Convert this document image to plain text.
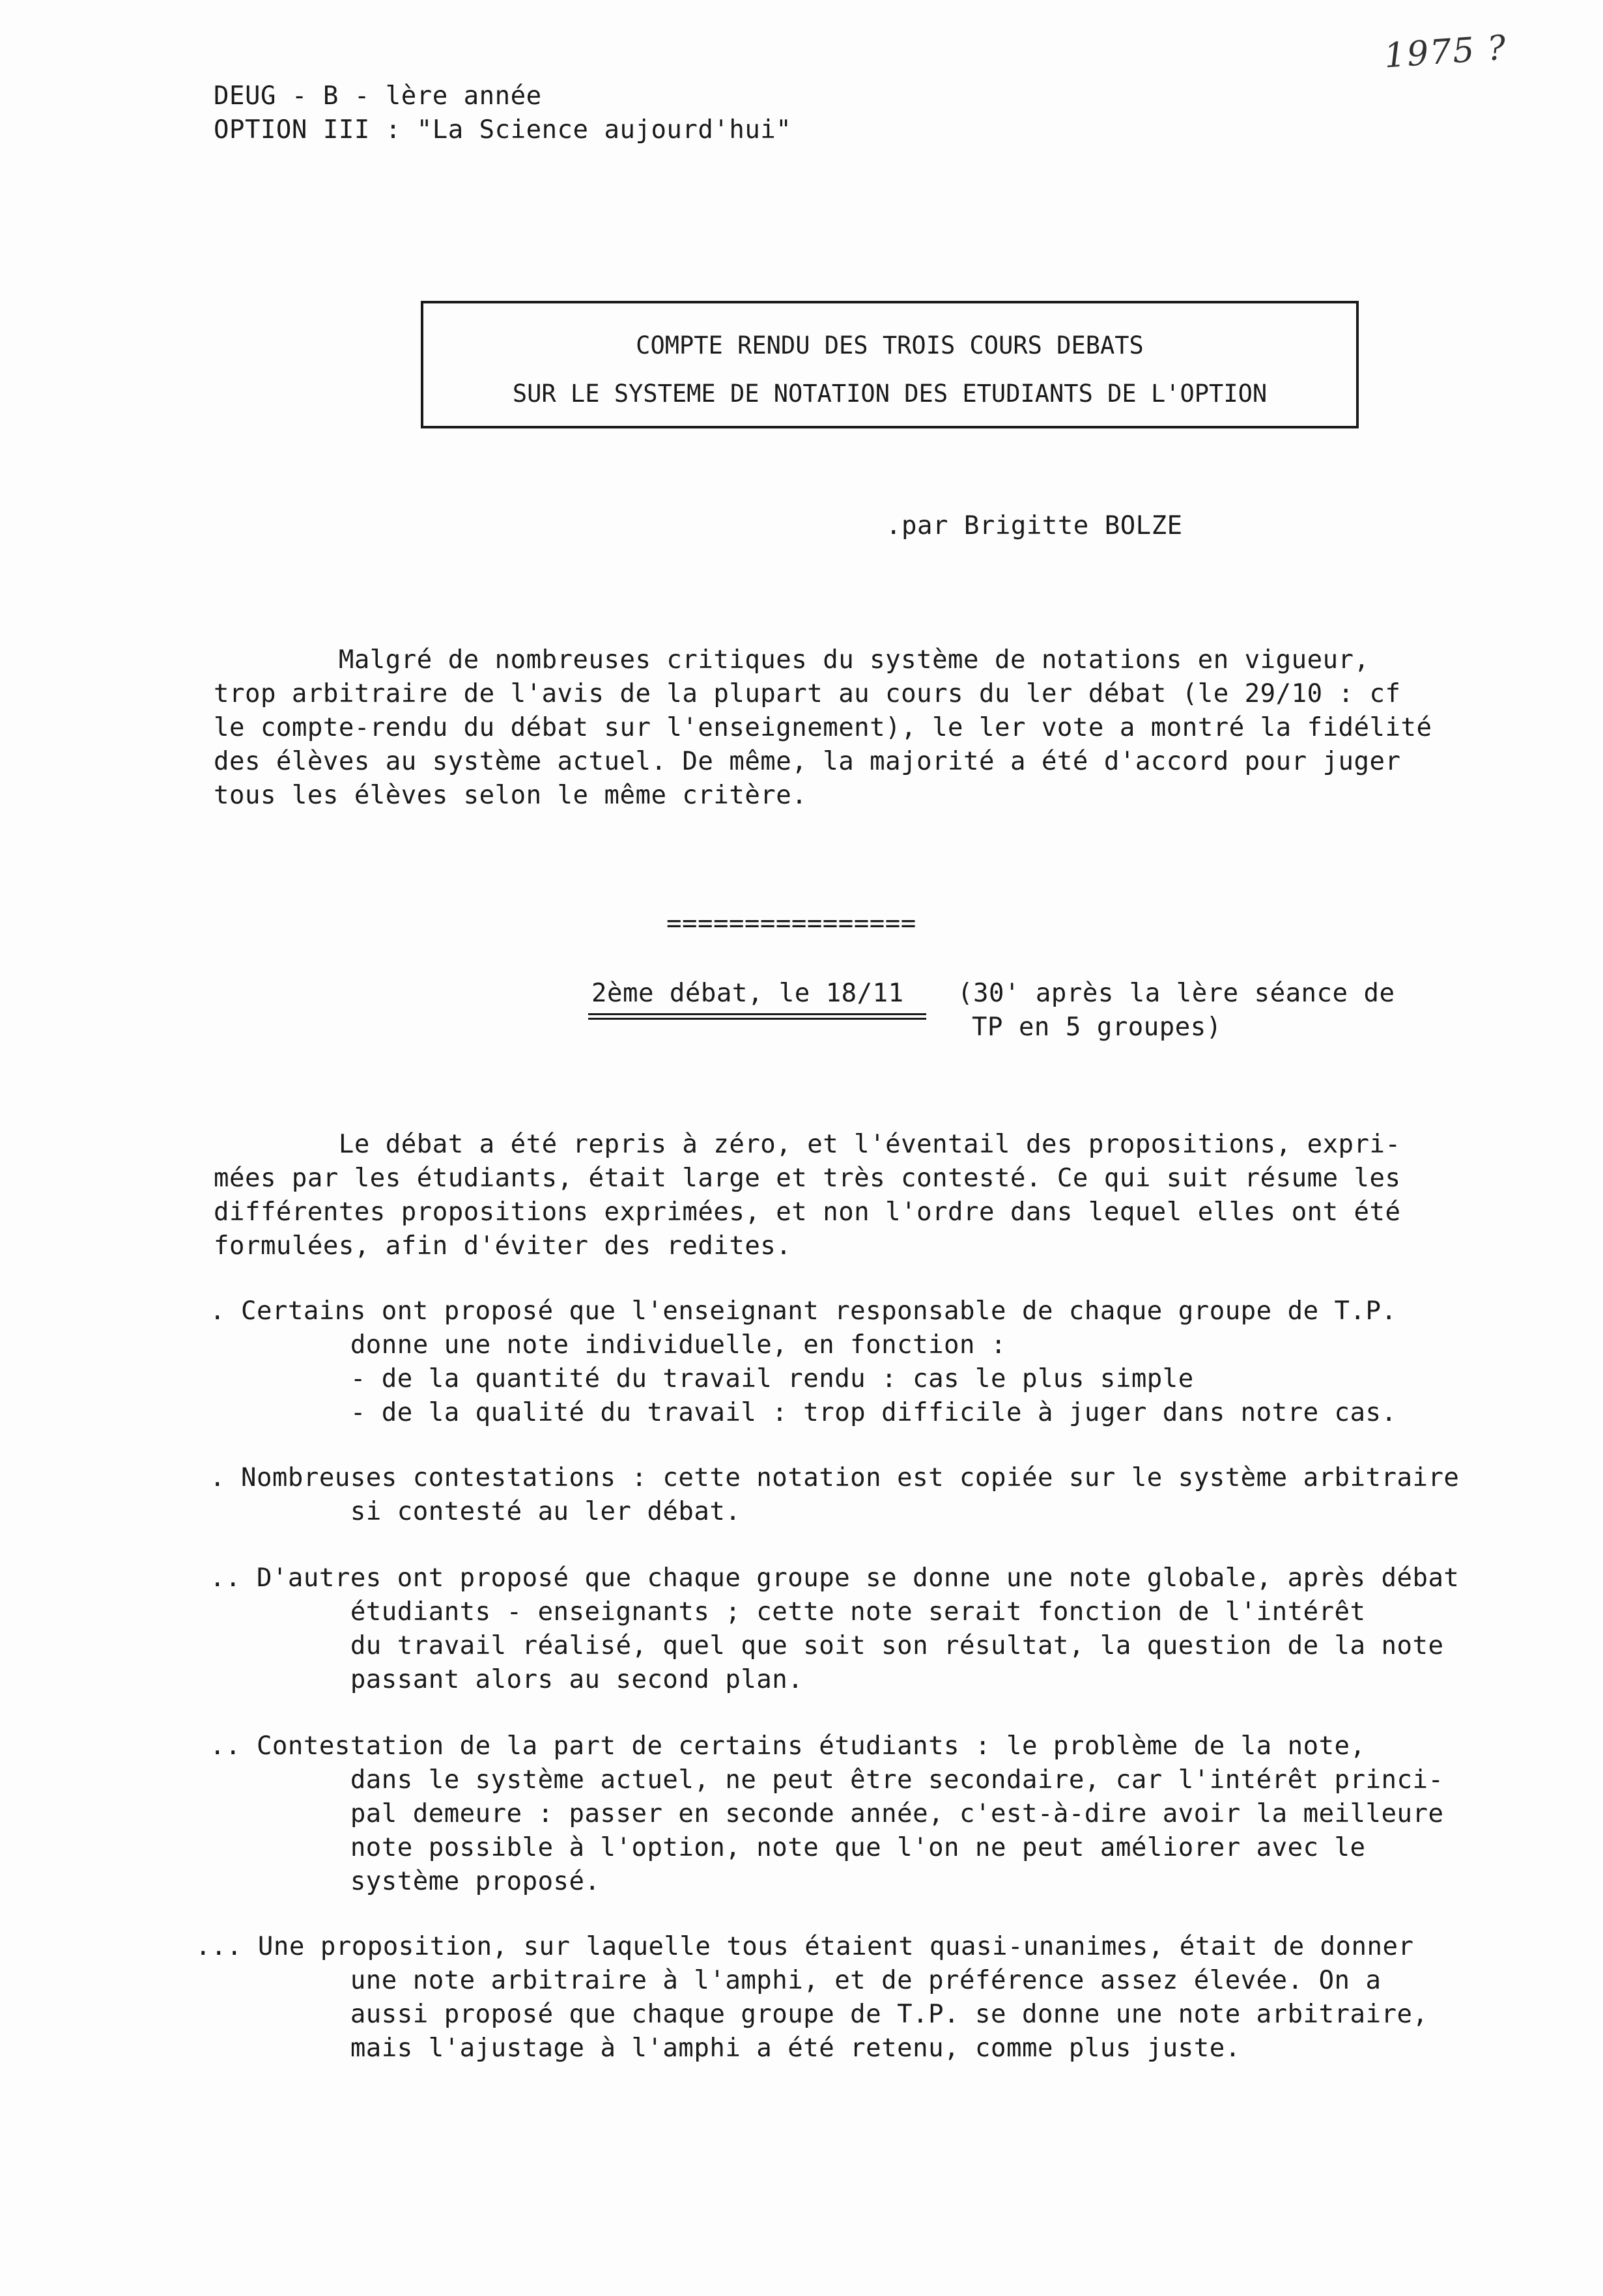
DEUG - B - lère année
OPTION III : "La Science aujourd'hui"
1975 ?
COMPTE RENDU DES TROIS COURS DEBATS
SUR LE SYSTEME DE NOTATION DES ETUDIANTS DE L'OPTION
.par Brigitte BOLZE
Malgré de nombreuses critiques du système de notations en vigueur,
trop arbitraire de l'avis de la plupart au cours du ler débat (le 29/10 : cf
le compte-rendu du débat sur l'enseignement), le ler vote a montré la fidélité
des élèves au système actuel. De même, la majorité a été d'accord pour juger
tous les élèves selon le même critère.
================
2ème débat, le 18/11 (30' après la lère séance de
TP en 5 groupes)
Le débat a été repris à zéro, et l'éventail des propositions, expri-
mées par les étudiants, était large et très contesté. Ce qui suit résume les
différentes propositions exprimées, et non l'ordre dans lequel elles ont été
formulées, afin d'éviter des redites.
. Certains ont proposé que l'enseignant responsable de chaque groupe de T.P.
donne une note individuelle, en fonction :
- de la quantité du travail rendu : cas le plus simple
- de la qualité du travail : trop difficile à juger dans notre cas.
. Nombreuses contestations : cette notation est copiée sur le système arbitraire
si contesté au ler débat.
.. D'autres ont proposé que chaque groupe se donne une note globale, après débat
étudiants - enseignants ; cette note serait fonction de l'intérêt
du travail réalisé, quel que soit son résultat, la question de la note
passant alors au second plan.
.. Contestation de la part de certains étudiants : le problème de la note,
dans le système actuel, ne peut être secondaire, car l'intérêt princi-
pal demeure : passer en seconde année, c'est-à-dire avoir la meilleure
note possible à l'option, note que l'on ne peut améliorer avec le
système proposé.
... Une proposition, sur laquelle tous étaient quasi-unanimes, était de donner
une note arbitraire à l'amphi, et de préférence assez élevée. On a
aussi proposé que chaque groupe de T.P. se donne une note arbitraire,
mais l'ajustage à l'amphi a été retenu, comme plus juste.
